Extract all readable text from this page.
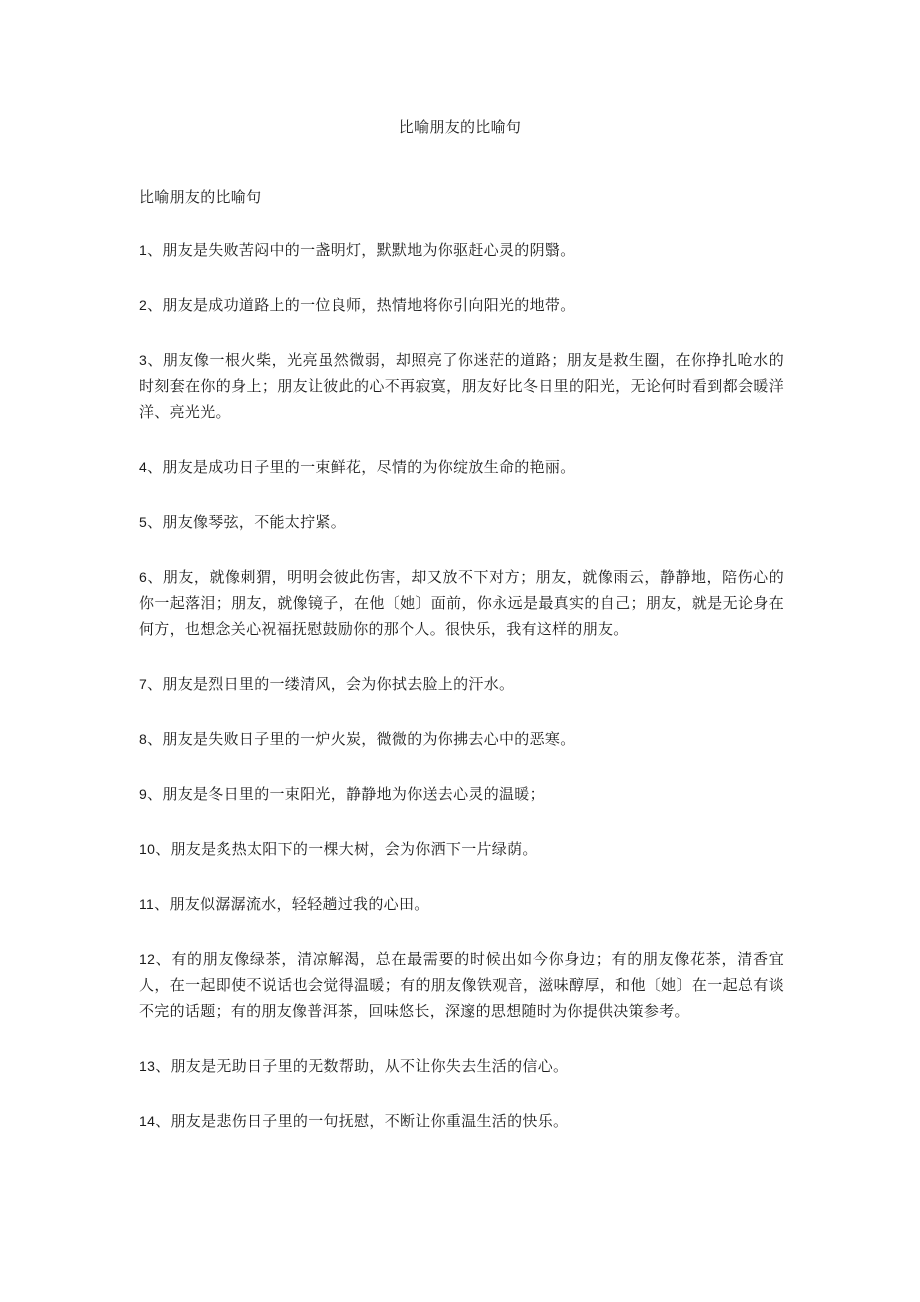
比喻朋友的比喻句

比喻朋友的比喻句

1、朋友是失败苦闷中的一盏明灯，默默地为你驱赶心灵的阴翳。

2、朋友是成功道路上的一位良师，热情地将你引向阳光的地带。

3、朋友像一根火柴，光亮虽然微弱，却照亮了你迷茫的道路；朋友是救生圈，在你挣扎呛水的时刻套在你的身上；朋友让彼此的心不再寂寞，朋友好比冬日里的阳光，无论何时看到都会暖洋洋、亮光光。

4、朋友是成功日子里的一束鲜花，尽情的为你绽放生命的艳丽。

5、朋友像琴弦，不能太拧紧。

6、朋友，就像刺猬，明明会彼此伤害，却又放不下对方；朋友，就像雨云，静静地，陪伤心的你一起落泪；朋友，就像镜子，在他〔她〕面前，你永远是最真实的自己；朋友，就是无论身在何方，也想念关心祝福抚慰鼓励你的那个人。很快乐，我有这样的朋友。

7、朋友是烈日里的一缕清风，会为你拭去脸上的汗水。

8、朋友是失败日子里的一炉火炭，微微的为你拂去心中的恶寒。

9、朋友是冬日里的一束阳光，静静地为你送去心灵的温暖；

10、朋友是炙热太阳下的一棵大树，会为你洒下一片绿荫。

11、朋友似潺潺流水，轻轻趟过我的心田。

12、有的朋友像绿茶，清凉解渴，总在最需要的时候出如今你身边；有的朋友像花茶，清香宜人，在一起即使不说话也会觉得温暖；有的朋友像铁观音，滋味醇厚，和他〔她〕在一起总有谈不完的话题；有的朋友像普洱茶，回味悠长，深邃的思想随时为你提供决策参考。

13、朋友是无助日子里的无数帮助，从不让你失去生活的信心。

14、朋友是悲伤日子里的一句抚慰，不断让你重温生活的快乐。
